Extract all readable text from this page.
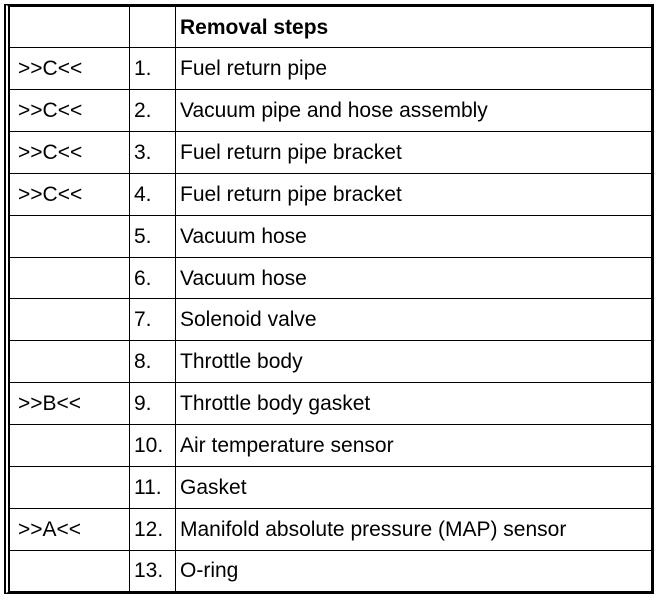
		Removal steps
>>C<<	1.	Fuel return pipe
>>C<<	2.	Vacuum pipe and hose assembly
>>C<<	3.	Fuel return pipe bracket
>>C<<	4.	Fuel return pipe bracket
	5.	Vacuum hose
	6.	Vacuum hose
	7.	Solenoid valve
	8.	Throttle body
>>B<<	9.	Throttle body gasket
	10.	Air temperature sensor
	11.	Gasket
>>A<<	12.	Manifold absolute pressure (MAP) sensor
	13.	O-ring
